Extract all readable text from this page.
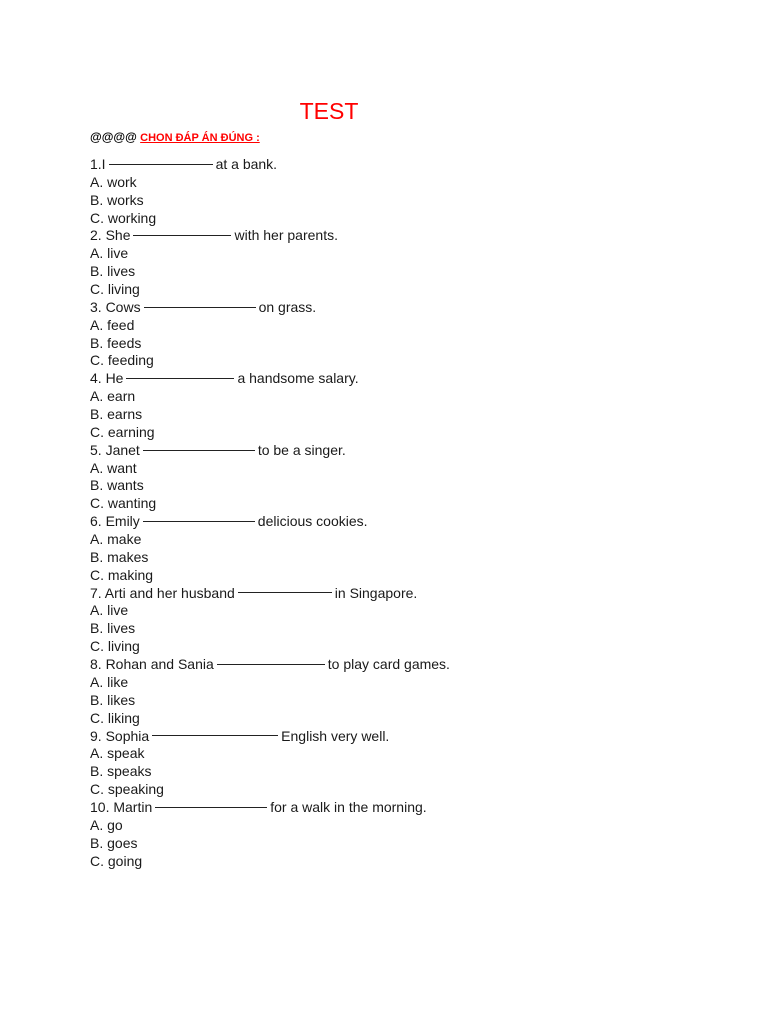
TEST
@@@@ CHON ĐÁP ÁN ĐÚNG :
1.I	at a bank.
A. work
B. works
C. working
2. She	with her parents.
A. live
B. lives
C. living
3. Cows	on grass.
A. feed
B. feeds
C. feeding
4. He	a handsome salary.
A. earn
B. earns
C. earning
5. Janet	to be a singer.
A. want
B. wants
C. wanting
6. Emily	delicious cookies.
A. make
B. makes
C. making
7. Arti and her husband	in Singapore.
A. live
B. lives
C. living
8. Rohan and Sania	to play card games.
A. like
B. likes
C. liking
9. Sophia	English very well.
A. speak
B. speaks
C. speaking
10. Martin	for a walk in the morning.
A. go
B. goes
C. going
